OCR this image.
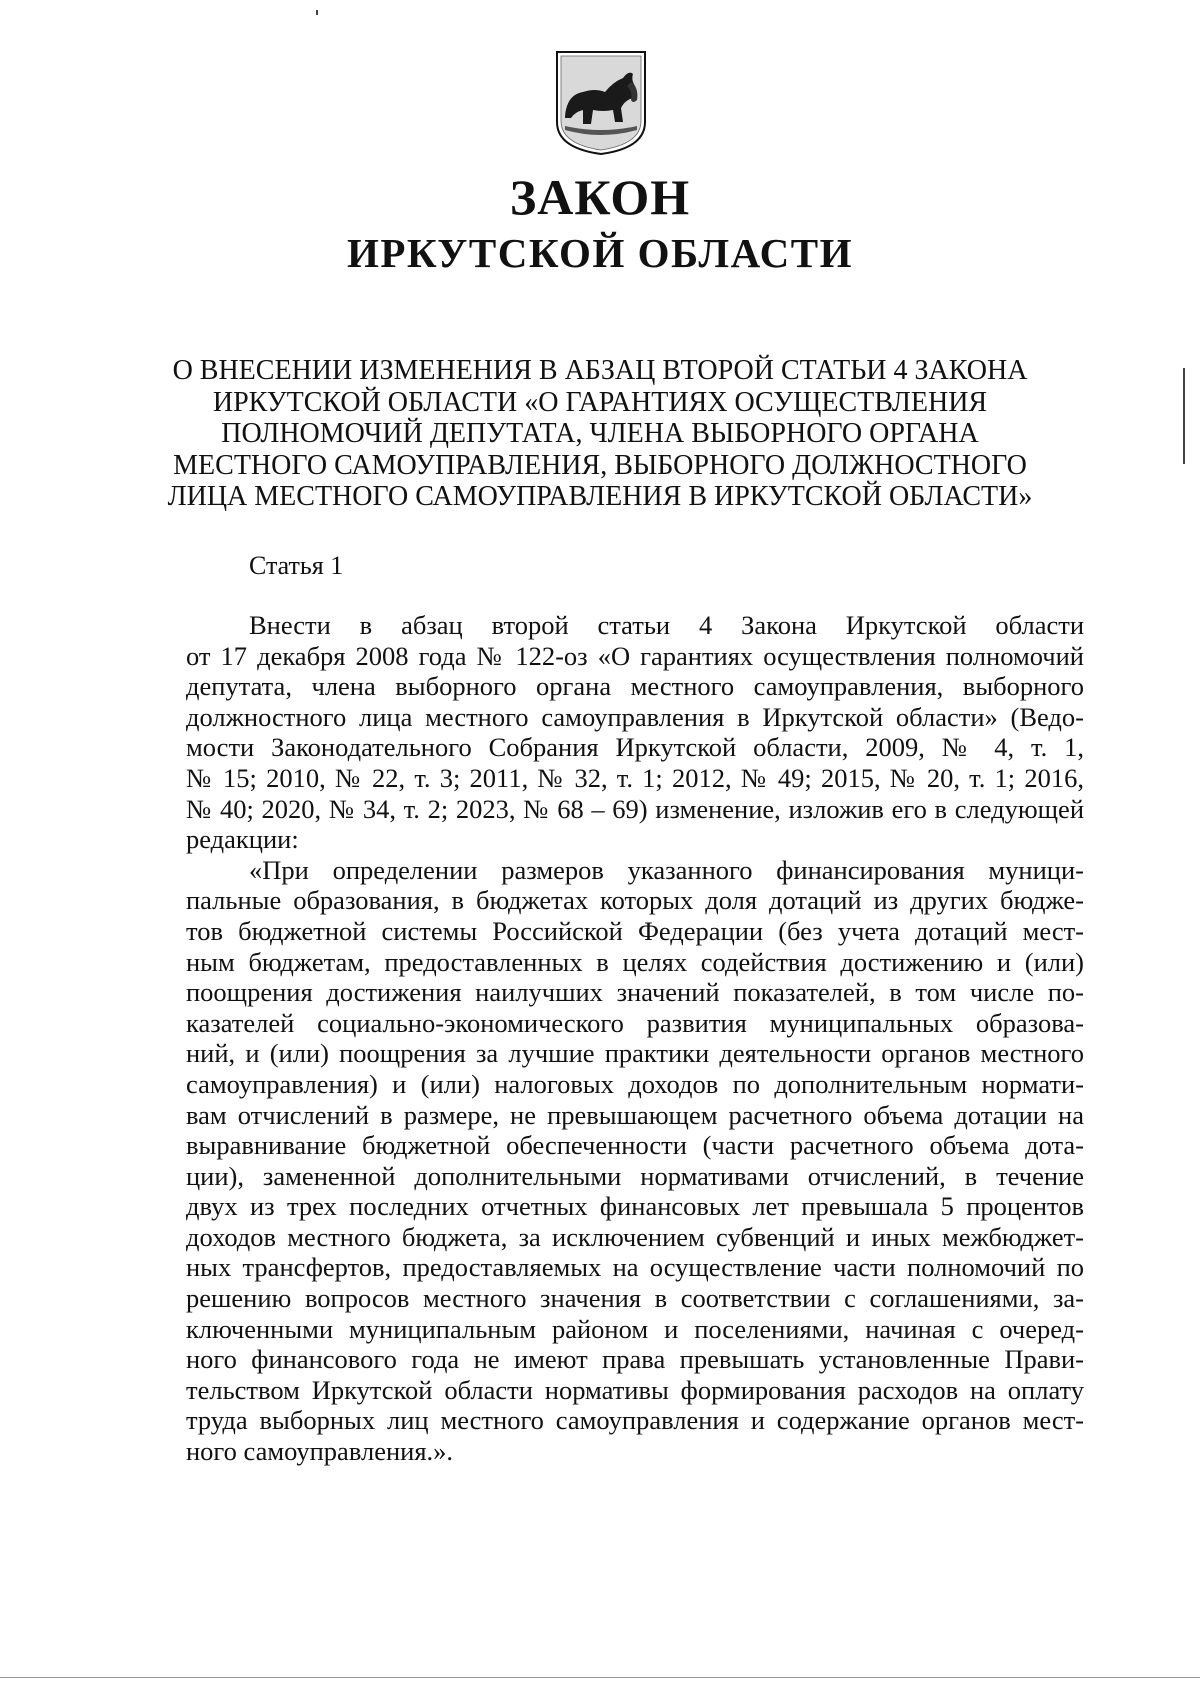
ЗАКОН
ИРКУТСКОЙ ОБЛАСТИ
О ВНЕСЕНИИ ИЗМЕНЕНИЯ В АБЗАЦ ВТОРОЙ СТАТЬИ 4 ЗАКОНА
ИРКУТСКОЙ ОБЛАСТИ «О ГАРАНТИЯХ ОСУЩЕСТВЛЕНИЯ
ПОЛНОМОЧИЙ ДЕПУТАТА, ЧЛЕНА ВЫБОРНОГО ОРГАНА
МЕСТНОГО САМОУПРАВЛЕНИЯ, ВЫБОРНОГО ДОЛЖНОСТНОГО
ЛИЦА МЕСТНОГО САМОУПРАВЛЕНИЯ В ИРКУТСКОЙ ОБЛАСТИ»

Статья 1

Внести в абзац второй статьи 4 Закона Иркутской области
от 17 декабря 2008 года № 122-оз «О гарантиях осуществления полномочий
депутата, члена выборного органа местного самоуправления, выборного
должностного лица местного самоуправления в Иркутской области» (Ведо-
мости Законодательного Собрания Иркутской области, 2009, № 4, т. 1,
№ 15; 2010, № 22, т. 3; 2011, № 32, т. 1; 2012, № 49; 2015, № 20, т. 1; 2016,
№ 40; 2020, № 34, т. 2; 2023, № 68 – 69) изменение, изложив его в следующей
редакции:
«При определении размеров указанного финансирования муници-
пальные образования, в бюджетах которых доля дотаций из других бюдже-
тов бюджетной системы Российской Федерации (без учета дотаций мест-
ным бюджетам, предоставленных в целях содействия достижению и (или)
поощрения достижения наилучших значений показателей, в том числе по-
казателей социально-экономического развития муниципальных образова-
ний, и (или) поощрения за лучшие практики деятельности органов местного
самоуправления) и (или) налоговых доходов по дополнительным нормати-
вам отчислений в размере, не превышающем расчетного объема дотации на
выравнивание бюджетной обеспеченности (части расчетного объема дота-
ции), замененной дополнительными нормативами отчислений, в течение
двух из трех последних отчетных финансовых лет превышала 5 процентов
доходов местного бюджета, за исключением субвенций и иных межбюджет-
ных трансфертов, предоставляемых на осуществление части полномочий по
решению вопросов местного значения в соответствии с соглашениями, за-
ключенными муниципальным районом и поселениями, начиная с очеред-
ного финансового года не имеют права превышать установленные Прави-
тельством Иркутской области нормативы формирования расходов на оплату
труда выборных лиц местного самоуправления и содержание органов мест-
ного самоуправления.».
